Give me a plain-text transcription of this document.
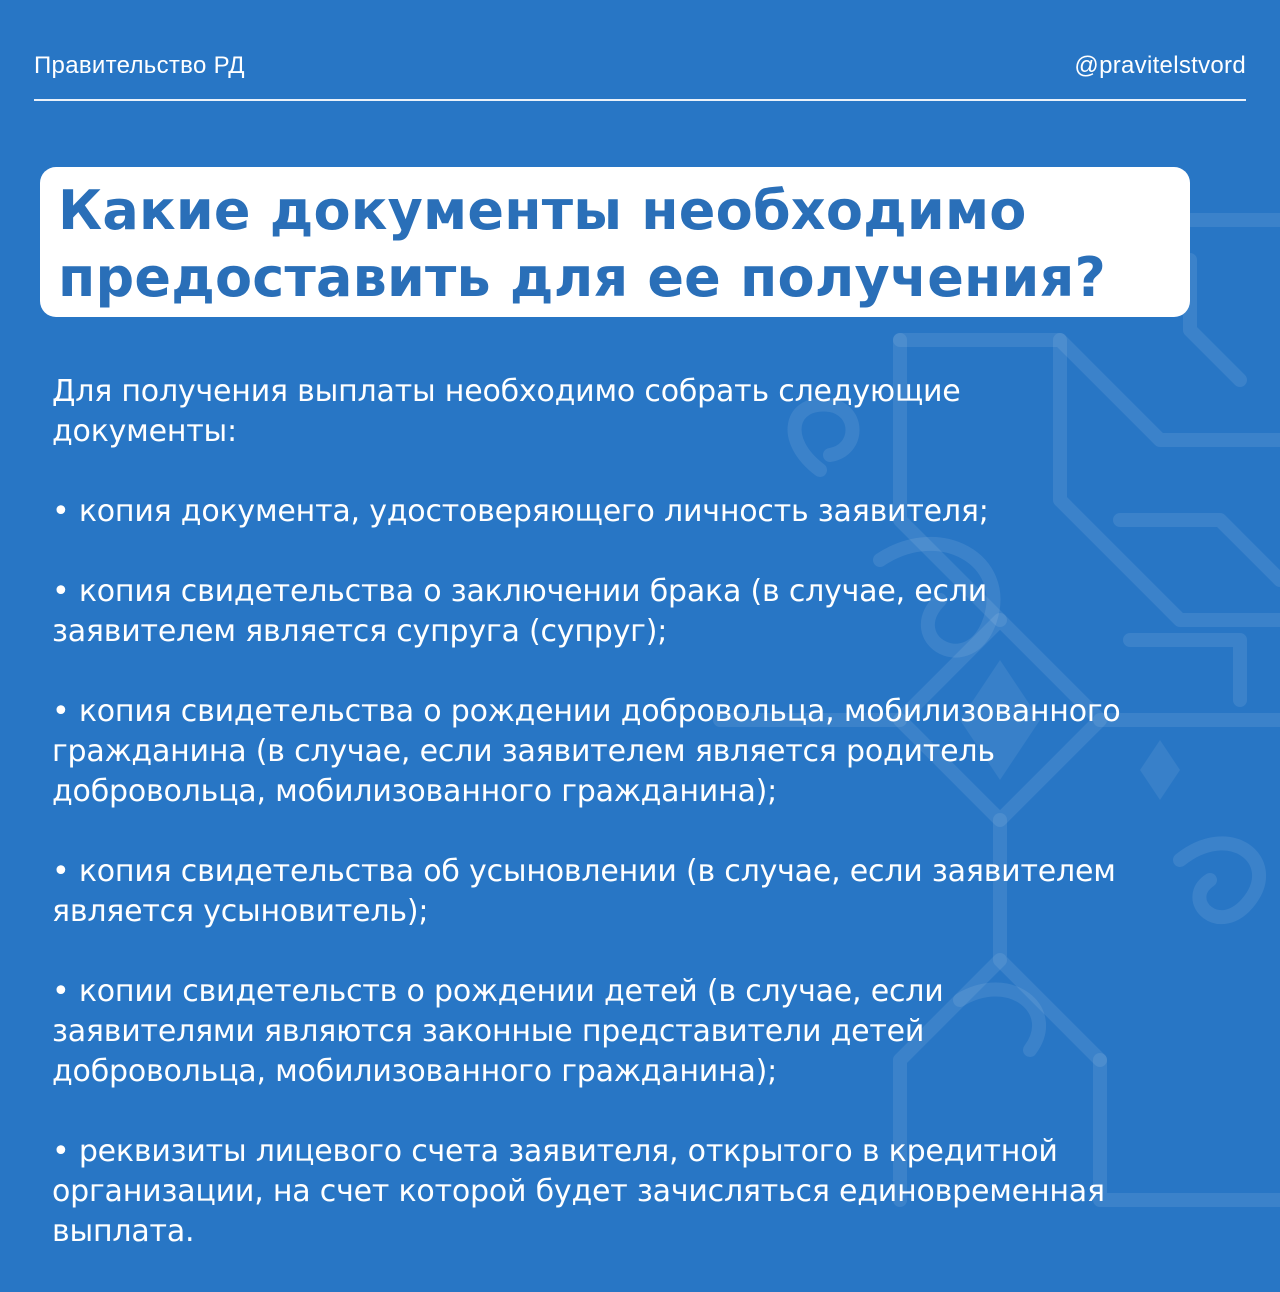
Правительство РД	@pravitelstvord
Какие документы необходимо
предоставить для ее получения?

Для получения выплаты необходимо собрать следующие
документы:

• копия документа, удостоверяющего личность заявителя;

• копия свидетельства о заключении брака (в случае, если
заявителем является супруга (супруг);

• копия свидетельства о рождении добровольца, мобилизованного
гражданина (в случае, если заявителем является родитель
добровольца, мобилизованного гражданина);

• копия свидетельства об усыновлении (в случае, если заявителем
является усыновитель);

• копии свидетельств о рождении детей (в случае, если
заявителями являются законные представители детей
добровольца, мобилизованного гражданина);

• реквизиты лицевого счета заявителя, открытого в кредитной
организации, на счет которой будет зачисляться единовременная
выплата.
